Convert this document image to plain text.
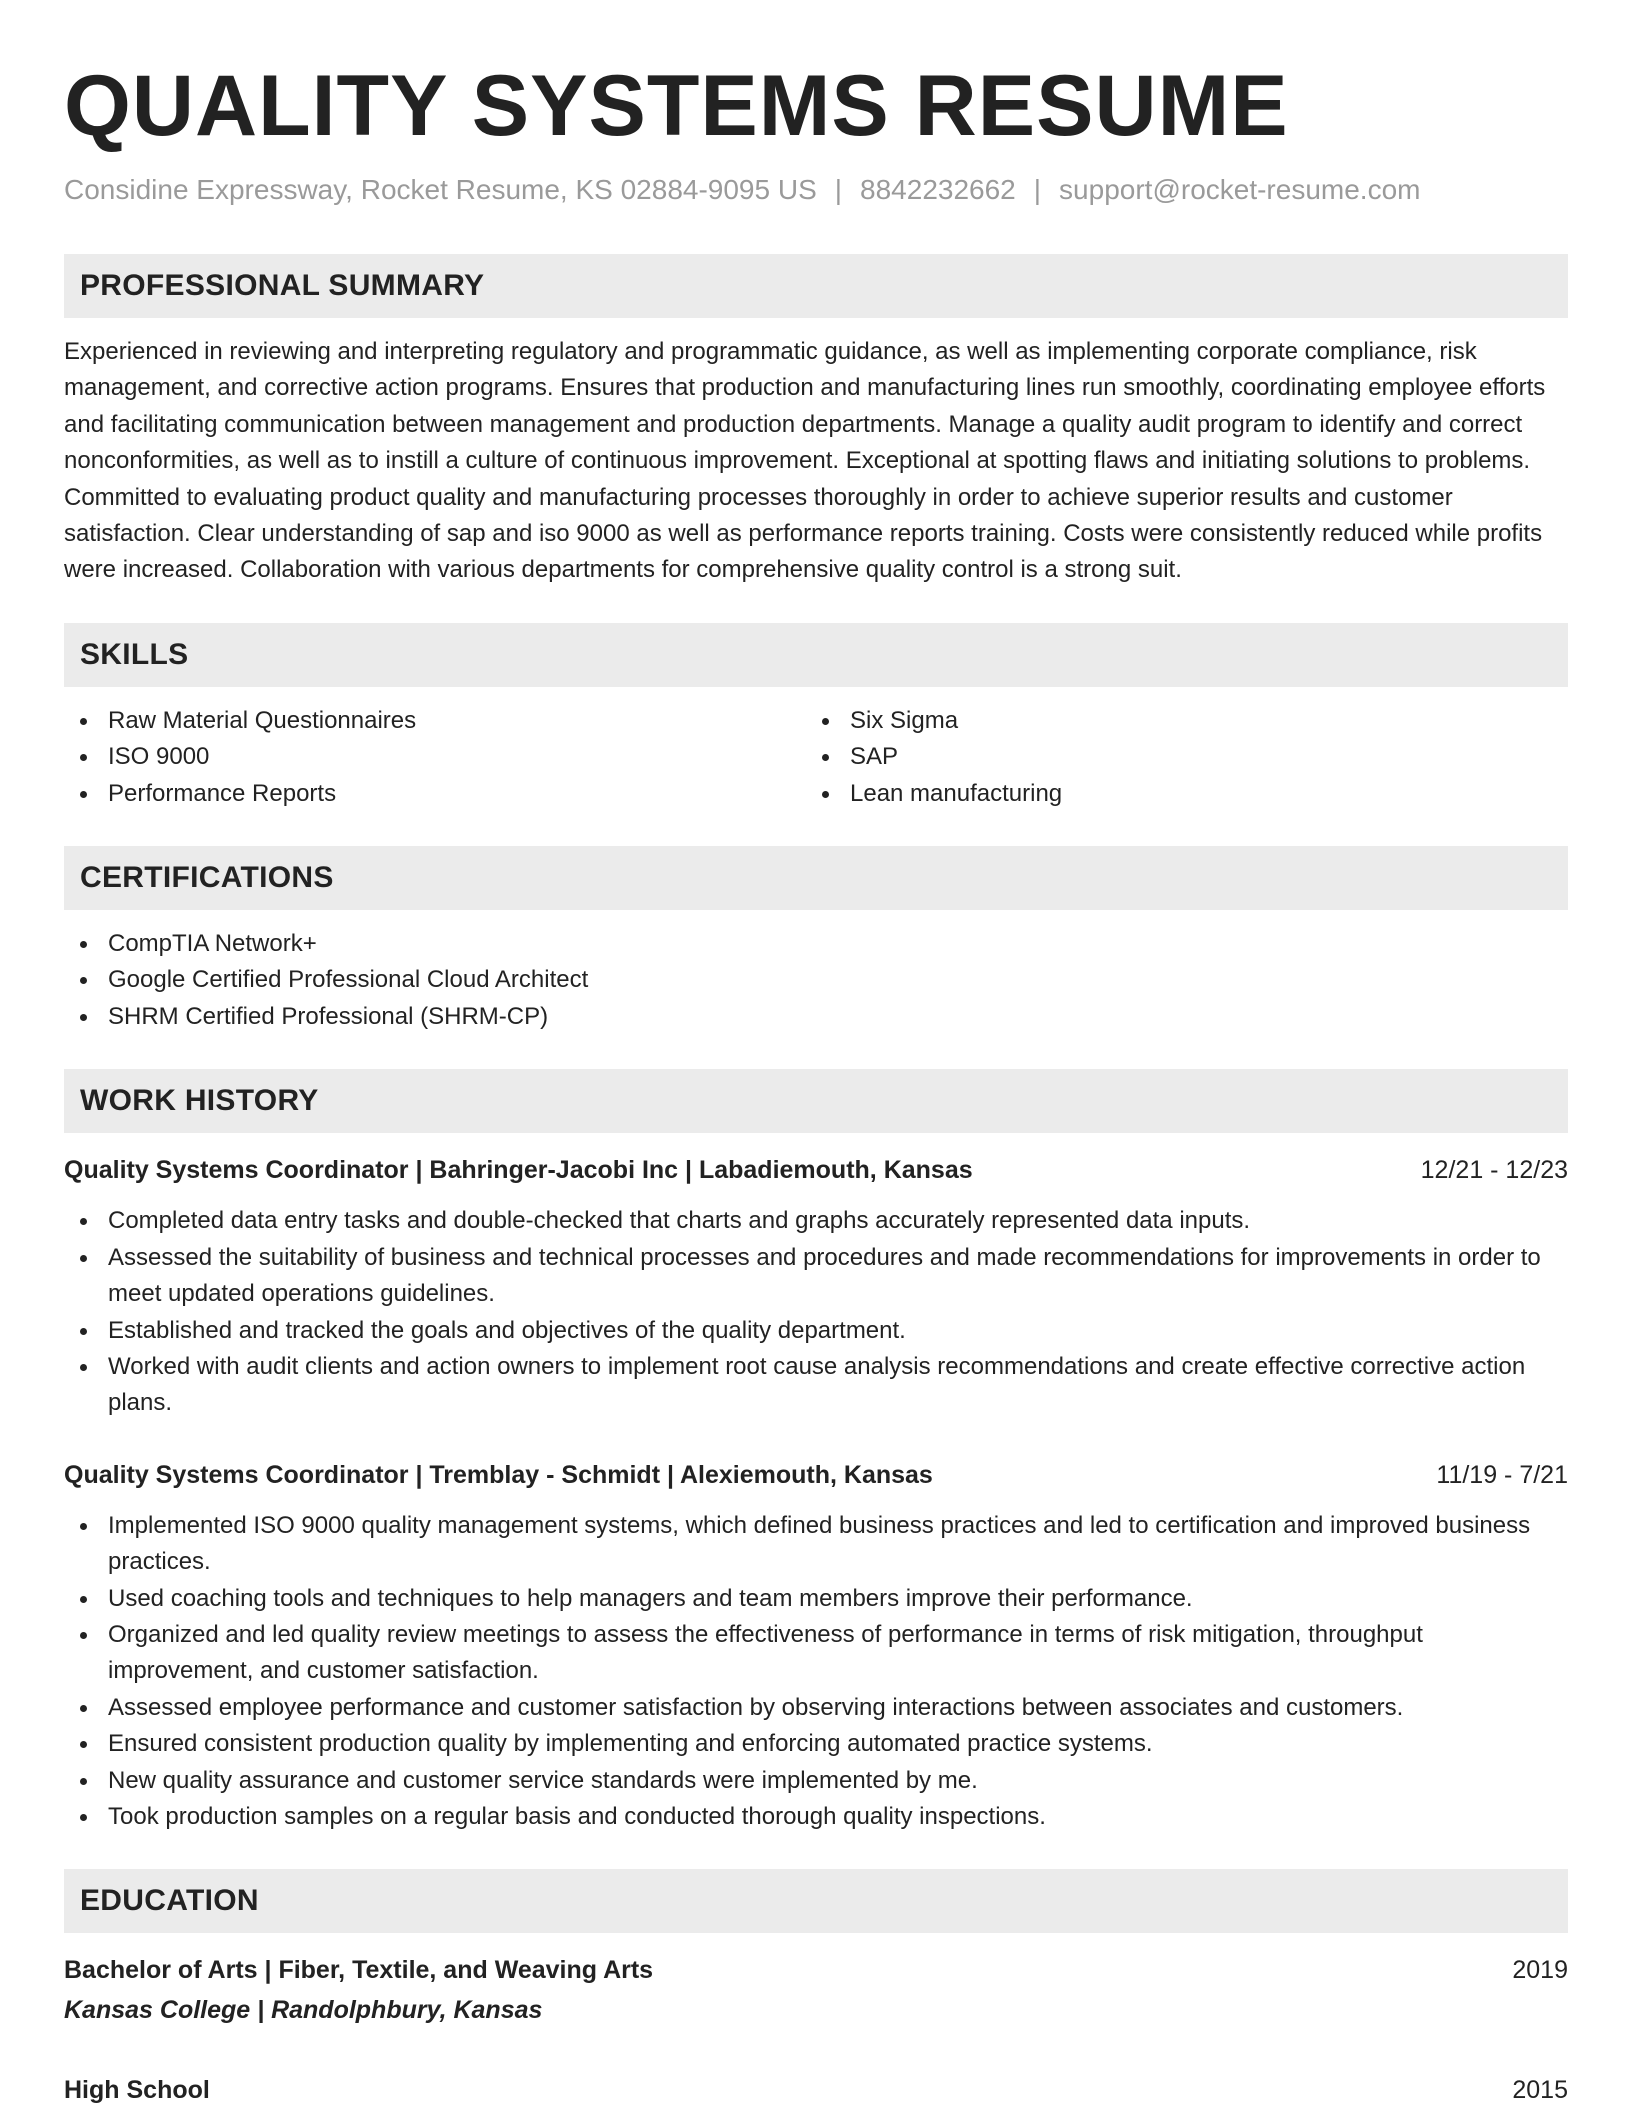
QUALITY SYSTEMS RESUME
Considine Expressway, Rocket Resume, KS 02884-9095 US | 8842232662 | support@rocket-resume.com
PROFESSIONAL SUMMARY
Experienced in reviewing and interpreting regulatory and programmatic guidance, as well as implementing corporate compliance, risk management, and corrective action programs. Ensures that production and manufacturing lines run smoothly, coordinating employee efforts and facilitating communication between management and production departments. Manage a quality audit program to identify and correct nonconformities, as well as to instill a culture of continuous improvement. Exceptional at spotting flaws and initiating solutions to problems. Committed to evaluating product quality and manufacturing processes thoroughly in order to achieve superior results and customer satisfaction. Clear understanding of sap and iso 9000 as well as performance reports training. Costs were consistently reduced while profits were increased. Collaboration with various departments for comprehensive quality control is a strong suit.
SKILLS
Raw Material Questionnaires
ISO 9000
Performance Reports
Six Sigma
SAP
Lean manufacturing
CERTIFICATIONS
CompTIA Network+
Google Certified Professional Cloud Architect
SHRM Certified Professional (SHRM-CP)
WORK HISTORY
Quality Systems Coordinator | Bahringer-Jacobi Inc | Labadiemouth, Kansas	12/21 - 12/23
Completed data entry tasks and double-checked that charts and graphs accurately represented data inputs.
Assessed the suitability of business and technical processes and procedures and made recommendations for improvements in order to meet updated operations guidelines.
Established and tracked the goals and objectives of the quality department.
Worked with audit clients and action owners to implement root cause analysis recommendations and create effective corrective action plans.
Quality Systems Coordinator | Tremblay - Schmidt | Alexiemouth, Kansas	11/19 - 7/21
Implemented ISO 9000 quality management systems, which defined business practices and led to certification and improved business practices.
Used coaching tools and techniques to help managers and team members improve their performance.
Organized and led quality review meetings to assess the effectiveness of performance in terms of risk mitigation, throughput improvement, and customer satisfaction.
Assessed employee performance and customer satisfaction by observing interactions between associates and customers.
Ensured consistent production quality by implementing and enforcing automated practice systems.
New quality assurance and customer service standards were implemented by me.
Took production samples on a regular basis and conducted thorough quality inspections.
EDUCATION
Bachelor of Arts | Fiber, Textile, and Weaving Arts	2019
Kansas College | Randolphbury, Kansas
High School	2015
